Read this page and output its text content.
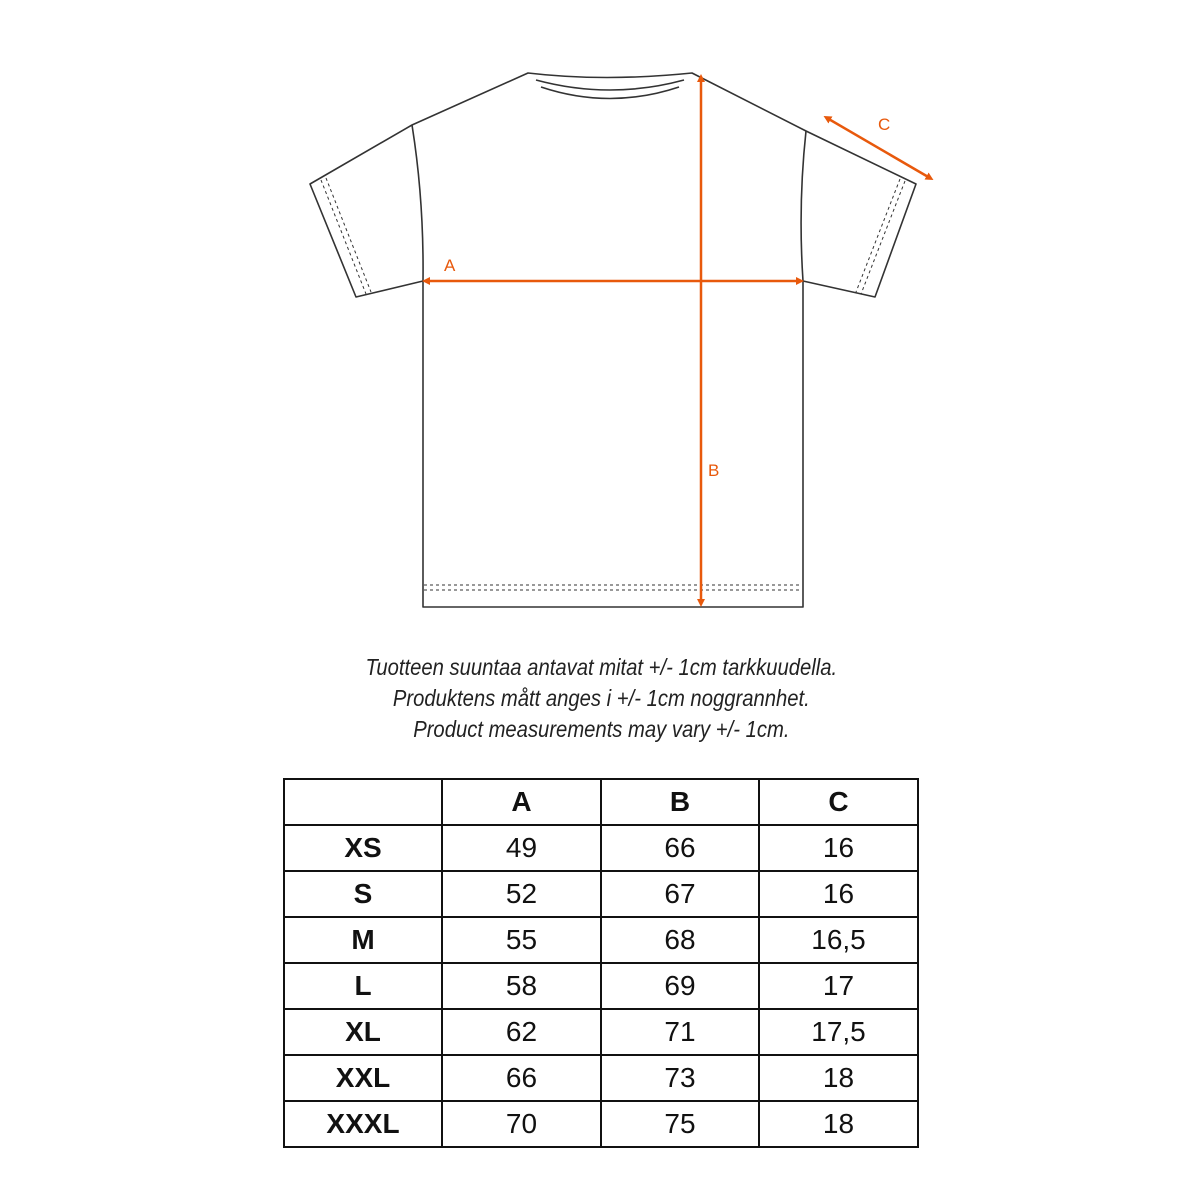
A
B
C
Tuotteen suuntaa antavat mitat +/- 1cm tarkkuudella.
Produktens mått anges i +/- 1cm noggrannhet.
Product measurements may vary +/- 1cm.
	A	B	C
XS	49	66	16
S	52	67	16
M	55	68	16,5
L	58	69	17
XL	62	71	17,5
XXL	66	73	18
XXXL	70	75	18
